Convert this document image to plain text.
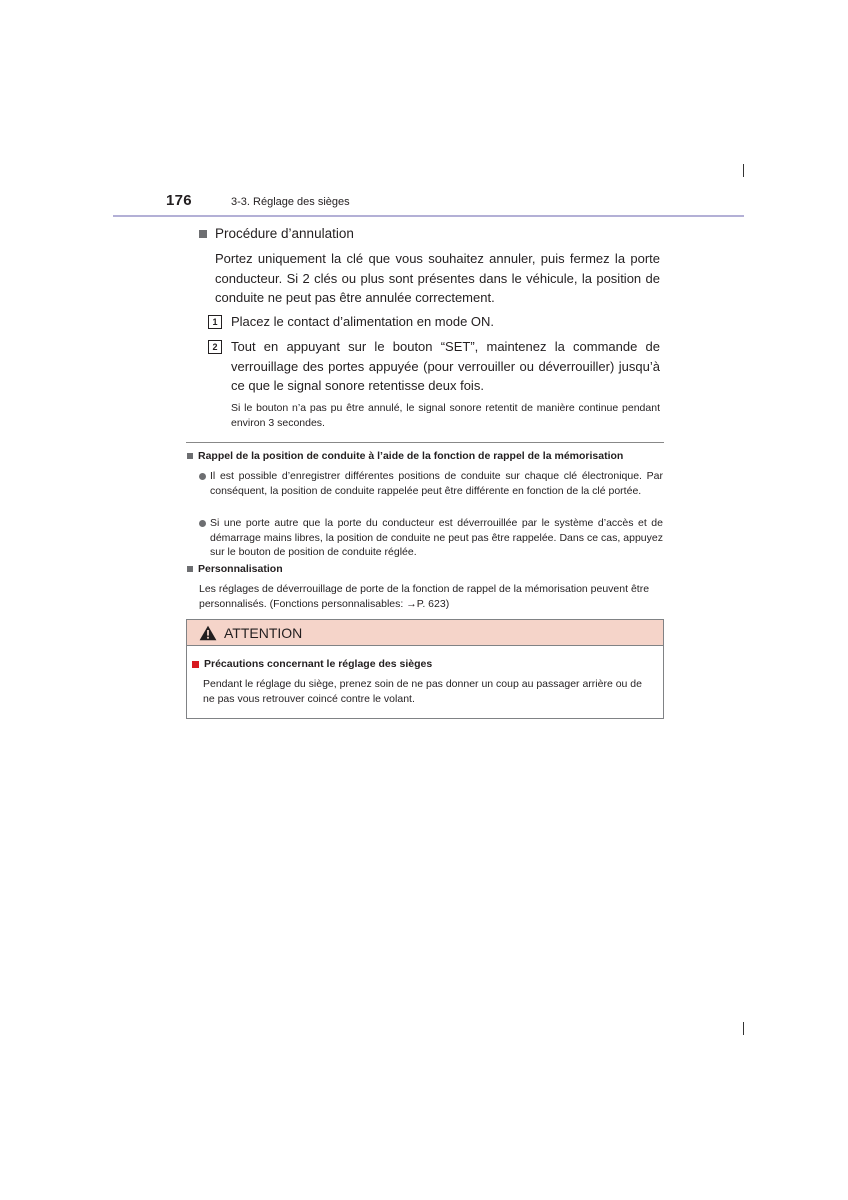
176	3-3. Réglage des sièges
Procédure d’annulation
Portez uniquement la clé que vous souhaitez annuler, puis fermez la porte conducteur. Si 2 clés ou plus sont présentes dans le véhicule, la position de conduite ne peut pas être annulée correctement.
1	Placez le contact d’alimentation en mode ON.
2	Tout en appuyant sur le bouton “SET”, maintenez la commande de verrouillage des portes appuyée (pour verrouiller ou déverrouiller) jusqu’à ce que le signal sonore retentisse deux fois.
Si le bouton n’a pas pu être annulé, le signal sonore retentit de manière continue pendant environ 3 secondes.
Rappel de la position de conduite à l’aide de la fonction de rappel de la mémorisation
Il est possible d’enregistrer différentes positions de conduite sur chaque clé électronique. Par conséquent, la position de conduite rappelée peut être différente en fonction de la clé portée.
Si une porte autre que la porte du conducteur est déverrouillée par le système d’accès et de démarrage mains libres, la position de conduite ne peut pas être rappelée. Dans ce cas, appuyez sur le bouton de position de conduite réglée.
Personnalisation
Les réglages de déverrouillage de porte de la fonction de rappel de la mémorisation peuvent être personnalisés. (Fonctions personnalisables: →P. 623)
ATTENTION
Précautions concernant le réglage des sièges
Pendant le réglage du siège, prenez soin de ne pas donner un coup au passager arrière ou de ne pas vous retrouver coincé contre le volant.
